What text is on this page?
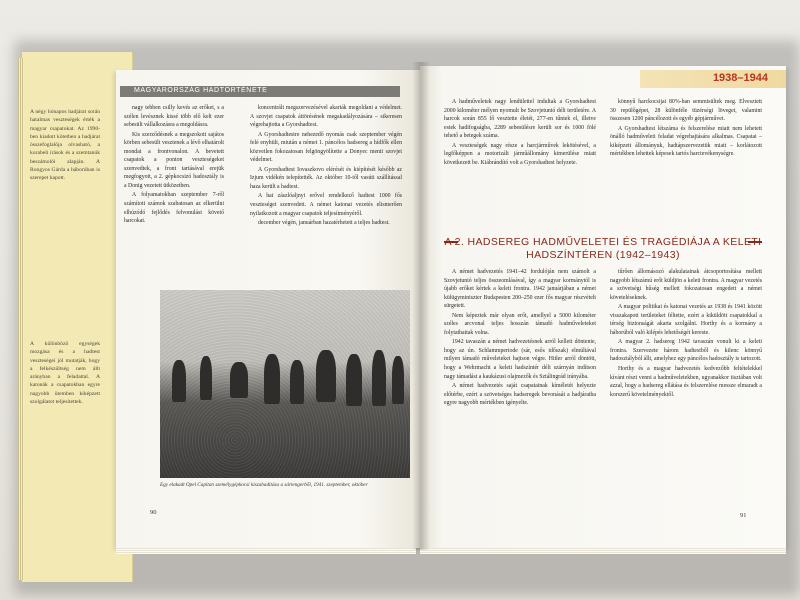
A négy hónapos hadjárat során hatalmas veszteségek érték a magyar csapatokat. Az 1990-ben kiadott kötetben a hadjárat összefoglalója olvasható, a korabeli írások és a szemtanúk beszámolói alapján. A Rongyos Gárda a háborúban is szerepet kapott.
A különböző egységek mozgása és a hadtest veszteségei jól mutatják, hogy a felkészültség nem állt arányban a feladattal. A katonák a csapatokban egyre nagyobb ütemben kiképzett szolgálatot teljesítettek.
MAGYARORSZÁG HADTÖRTÉNETE

nagy tebben csilly kevés az erőket, s a szélen levésznek kissé több elő kelt ezer sebesült vállalkozásra a megoldásra.

Kis szerződésnek a megszokott sajátos körben sebesült vesztenek a lévő elhatárolt mondat a frontvonalon. A bevetett csapatok a ponton veszteségeket szenvedtek, a front tartásával erejük megfogyott, a 2. gépkocsizó hadosztály is a Donig vezetett ütközetben.

A folyamatokban szeptember 7-ről számított számok szabatosan az elkerülni elhúzódó fejlődés felvonulást követő harcokat.

koncentrált megszervezésével akarták megoldani a védelmet. A szovjet csapatok áttörésének megakadályozására – sikeresen végrehajtotta a Gyorshadtest.

A Gyorshadtestre nehezedő nyomás csak szeptember végén felé enyhült, miután a német 1. páncélos hadsereg a hídfők ellen közvetlen fokozatosan felgöngyölítette a Donyec menti szovjet védelmet.

A Gyorshadtest Iovaszkovo elérését és kiépítését később az Izjum vidékén telepítették. Az október 10-től vasúti szállítással haza került a hadtest.

A hat zászlóaljnyi erővel rendelkező hadtest 1000 fős veszteséget szenvedett. A német katonai vezetés elismerően nyilatkozott a magyar csapatok teljesítményéről.

december végén, januárban hazatérhetett a teljes hadtest.

Egy elakadt Opel Capitan személygépkocsi kiszabadítása a sártengerből, 1941. szeptember, október
90
1938–1944

A hadműveletek nagy lendülettel indultak a Gyorshadtest 2000 kilométer mélyen nyomult be Szovjetunió déli területére. A harcok során 855 fő vesztette életét, 277-en tűntek el, illetve estek hadifogságba, 2289 sebesülésre került sor és 1000 fölé tehető a betegek száma.

A veszteségek nagy része a harcjárművek lekötésével, a legfőképpen a motorizált járműállomány kimerülése miatt következett be. Kiábrándító volt a Gyorshadtest helyzete.

könnyű harckocsijai 80%-ban semmisültek meg. Elvesztett 30 repülőgépet, 28 különféle tüzérségi löveget, valamint összesen 1200 páncélozott és egyéb gépjárművet.

A Gyorshadtest létszáma és felszerelése miatt nem lehetett önálló hadműveleti feladat végrehajtására alkalmas. Csapatai – kiképzett állományuk, hadtápszervezetük miatt – korlátozott mértékben lehettek képesek tartós harctevékenységre.

A 2. HADSEREG HADMŰVELETEI ÉS TRAGÉDIÁJA A KELETI HADSZÍNTÉREN (1942–1943)

A német hadvezetés 1941–42 fordulóján nem számolt a Szovjetunió teljes összeomlásával, így a magyar kormánytól is újabb erőket kértek a keleti frontra. 1942 januárjában a német külügyminiszter Budapesten 200–250 ezer fős magyar részvételt sürgetett.

Nem képeztek már olyan erőt, amellyel a 5000 kilométer széles arcvonal teljes hosszán támadó hadműveleteket folytathattak volna.

1942 tavaszán a német hadvezetésnek arról kellett döntenie, hogy az ún. Schlammperiode (sár, esős időszak) elmúltával milyen támadó műveleteket hajtson végre. Hitler arról döntött, hogy a Wehrmacht a keleti hadszíntér déli szárnyán indítson nagy támadást a kaukázusi olajmezők és Sztálingrád irányába.

A német hadvezetés saját csapatainak kíméletét helyezte előtérbe, ezért a szövetséges hadseregek bevonását a hadjáratba egyre nagyobb mértékben igényelte.

tűrően állomásozó alakulatainak átcsoportosítása mellett nagyobb létszámú erőt küldjön a keleti frontra. A magyar vezetés a szövetségi hűség mellett fokozatosan engedett a német követeléseknek.

A magyar politikai és katonai vezetés az 1938 és 1941 között visszakapott területeket féltette, ezért a kiküldött csapatokkal a térség biztonságát akarta szolgálni. Horthy és a kormány a háborúból való kilépés lehetőségét kereste.

A magyar 2. hadsereg 1942 tavaszán vonult ki a keleti frontra. Szervezete három hadtestből és kilenc könnyű hadosztályból állt, amelyhez egy páncélos hadosztály is tartozott.

Horthy és a magyar hadvezetés kedvezőbb feltételekkel kívánt részt venni a hadműveletekben, ugyanakkor tisztában volt azzal, hogy a hadsereg ellátása és felszerelése messze elmaradt a korszerű követelményektől.

91
